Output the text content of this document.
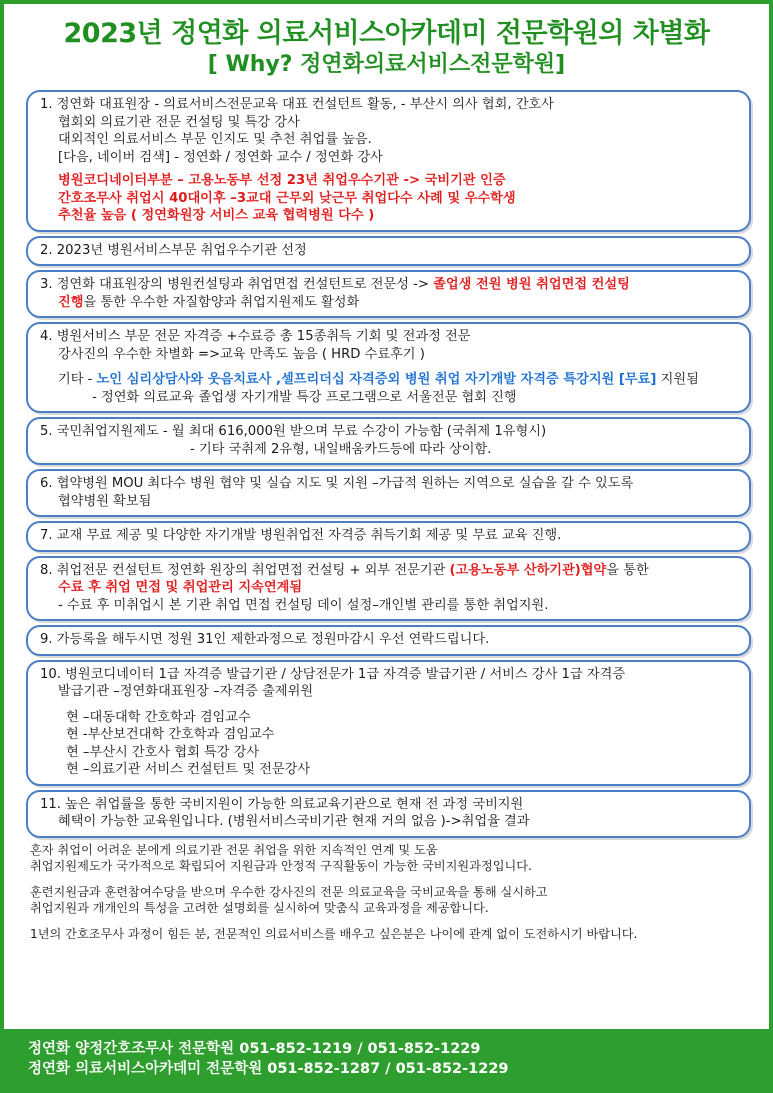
2023년 정연화 의료서비스아카데미 전문학원의 차별화
[ Why? 정연화의료서비스전문학원]

1. 정연화 대표원장 - 의료서비스전문교육 대표 컨설턴트 활동, - 부산시 의사 협회, 간호사

협회외 의료기관 전문 컨설팅 및 특강 강사

대외적인 의료서비스 부문 인지도 및 추천 취업률 높음.

[다음, 네이버 검색] - 정연화 / 정연화 교수 / 정연화 강사

병원코디네이터부분 – 고용노동부 선정 23년 취업우수기관 -> 국비기관 인증

간호조무사 취업시 40대이후 –3교대 근무외 낮근무 취업다수 사례 및 우수학생

추천율 높음 ( 정연화원장 서비스 교육 협력병원 다수 )

2. 2023년 병원서비스부문 취업우수기관 선정

3. 정연화 대표원장의 병원컨설팅과 취업면접 컨설턴트로 전문성 -> 졸업생 전원 병원 취업면접 컨설팅

진행을 통한 우수한 자질함양과 취업지원제도 활성화

4. 병원서비스 부문 전문 자격증 +수료증 총 15종취득 기회 및 전과정 전문

강사진의 우수한 차별화 =>교육 만족도 높음 ( HRD 수료후기 )

기타 - 노인 심리상담사와 웃음치료사 ,셀프리더십 자격증외 병원 취업 자기개발 자격증 특강지원 [무료] 지원됨

- 정연화 의료교육 졸업생 자기개발 특강 프로그램으로 서울전문 협회 진행

5. 국민취업지원제도 - 월 최대 616,000원 받으며 무료 수강이 가능함 (국취제 1유형시)

- 기타 국취제 2유형, 내일배움카드등에 따라 상이함.

6. 협약병원 MOU 최다수 병원 협약 및 실습 지도 및 지원 –가급적 원하는 지역으로 실습을 갈 수 있도록

협약병원 확보됨

7. 교재 무료 제공 및 다양한 자기개발 병원취업전 자격증 취득기회 제공 및 무료 교육 진행.

8. 취업전문 컨설턴트 정연화 원장의 취업면접 컨설팅 + 외부 전문기관 (고용노동부 산하기관)협약을 통한

수료 후 취업 면접 및 취업관리 지속연계됨

- 수료 후 미취업시 본 기관 취업 면접 컨설팅 데이 설정–개인별 관리를 통한 취업지원.

9. 가등록을 해두시면 정원 31인 제한과정으로 정원마감시 우선 연락드립니다.

10. 병원코디네이터 1급 자격증 발급기관 / 상담전문가 1급 자격증 발급기관 / 서비스 강사 1급 자격증

발급기관 –정연화대표원장 –자격증 출제위원

현 –대동대학 간호학과 겸임교수

현 -부산보건대학 간호학과 겸임교수

현 –부산시 간호사 협회 특강 강사

현 –의료기관 서비스 컨설턴트 및 전문강사

11. 높은 취업률을 통한 국비지원이 가능한 의료교육기관으로 현재 전 과정 국비지원

혜택이 가능한 교육원입니다. (병원서비스국비기관 현재 거의 없음 )->취업율 결과

혼자 취업이 어려운 분에게 의료기관 전문 취업을 위한 지속적인 연계 및 도움

취업지원제도가 국가적으로 확립되어 지원금과 안정적 구직활동이 가능한 국비지원과정입니다.

훈련지원금과 훈련참여수당을 받으며 우수한 강사진의 전문 의료교육을 국비교육을 통해 실시하고

취업지원과 개개인의 특성을 고려한 설명회를 실시하여 맞춤식 교육과정을 제공합니다.

1년의 간호조무사 과정이 힘든 분, 전문적인 의료서비스를 배우고 싶은분은 나이에 관계 없이 도전하시기 바랍니다.

정연화 양정간호조무사 전문학원 051-852-1219 / 051-852-1229

정연화 의료서비스아카데미 전문학원 051-852-1287 / 051-852-1229
